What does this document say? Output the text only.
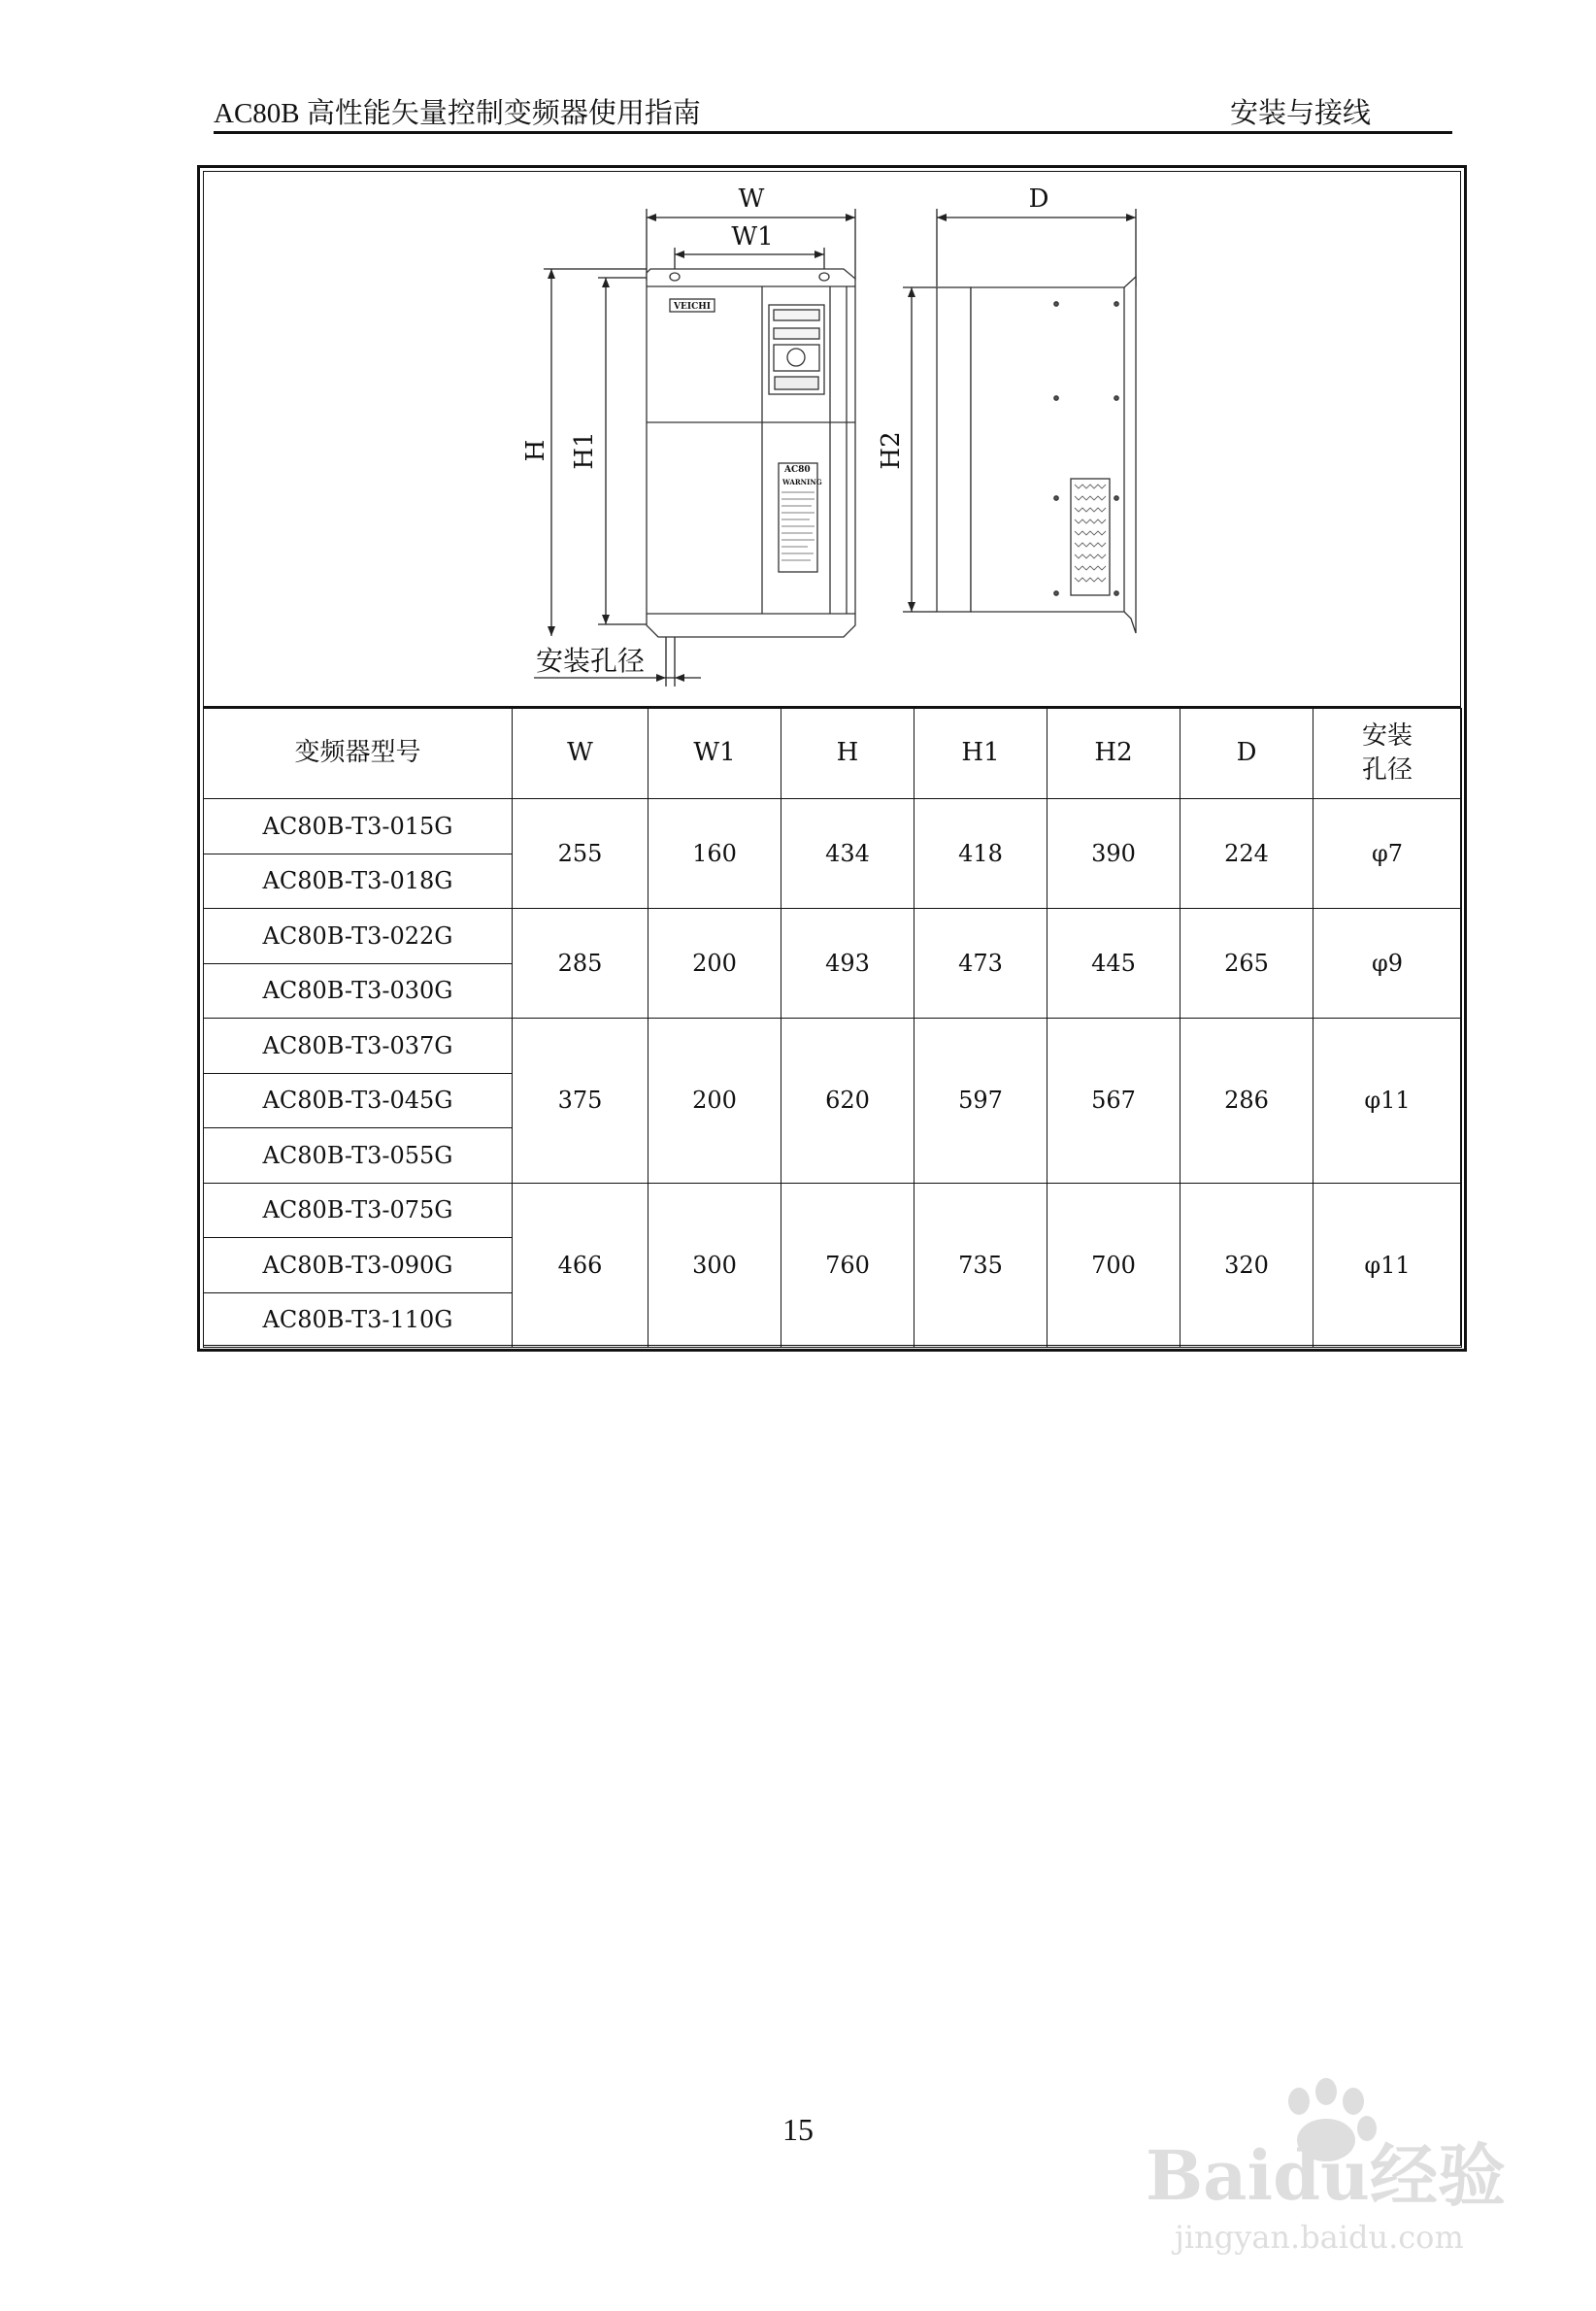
AC80B 高性能矢量控制变频器使用指南	安装与接线
W
W1
D
H H1	H2
安装孔径
VEICHI
AC80
WARNING
变频器型号	W	W1	H	H1	H2	D	安装
孔径
AC80B-T3-015G	255	160	434	418	390	224	φ7
AC80B-T3-018G							
AC80B-T3-022G	285	200	493	473	445	265	φ9
AC80B-T3-030G							
AC80B-T3-037G	375	200	620	597	567	286	φ11
AC80B-T3-045G							
AC80B-T3-055G							
AC80B-T3-075G	466	300	760	735	700	320	φ11
AC80B-T3-090G							
AC80B-T3-110G							
15
Baidu经验
jingyan.baidu.com
